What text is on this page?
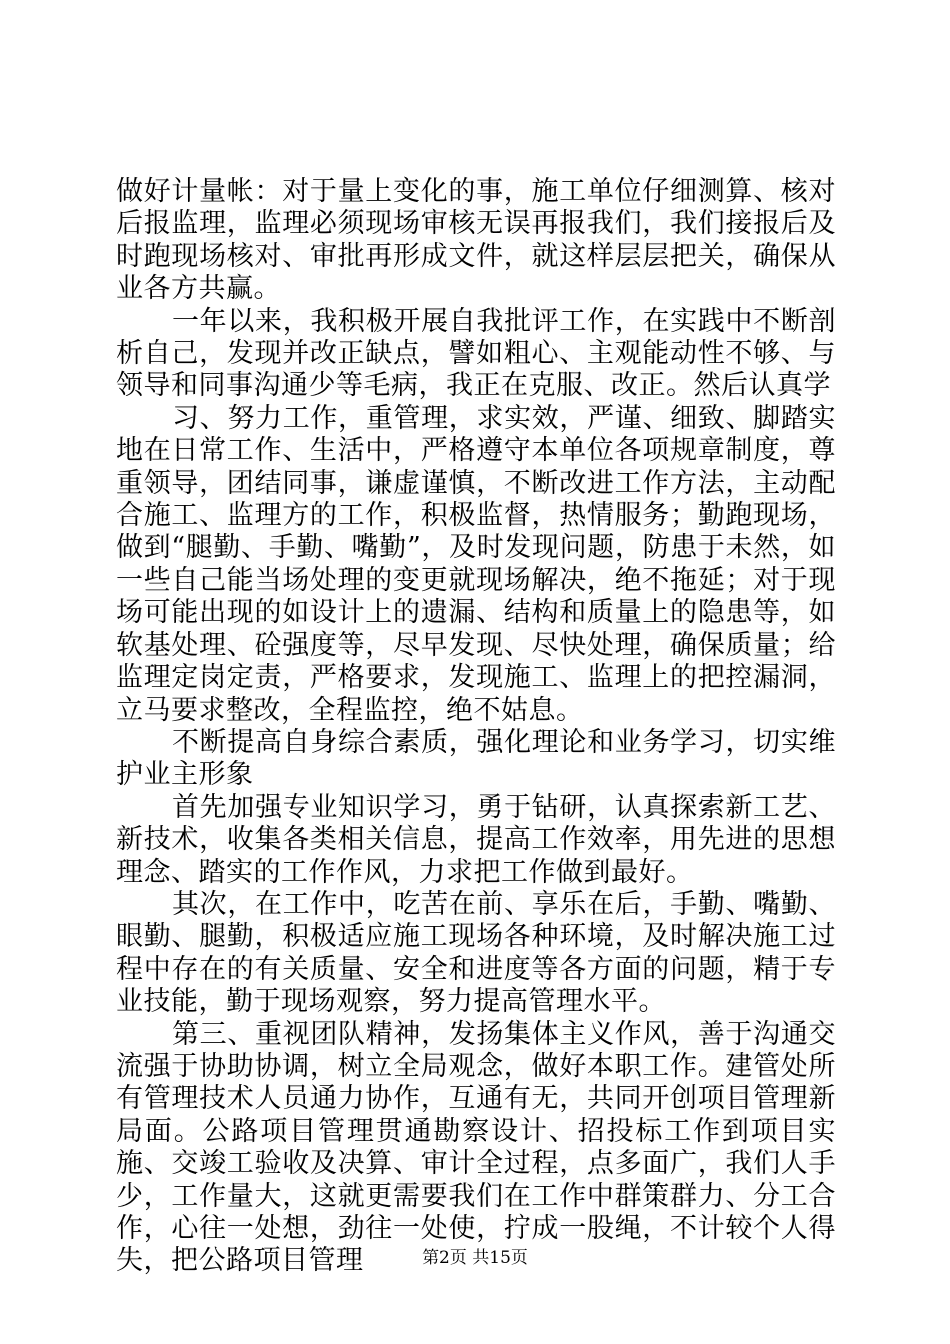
做好计量帐：对于量上变化的事，施工单位仔细测算、核对后报监理，监理必须现场审核无误再报我们，我们接报后及时跑现场核对、审批再形成文件，就这样层层把关，确保从业各方共赢。

一年以来，我积极开展自我批评工作，在实践中不断剖析自己，发现并改正缺点，譬如粗心、主观能动性不够、与领导和同事沟通少等毛病，我正在克服、改正。然后认真学

习、努力工作，重管理，求实效，严谨、细致、脚踏实地在日常工作、生活中，严格遵守本单位各项规章制度，尊重领导，团结同事，谦虚谨慎，不断改进工作方法，主动配合施工、监理方的工作，积极监督，热情服务；勤跑现场，做到“腿勤、手勤、嘴勤”，及时发现问题，防患于未然，如一些自己能当场处理的变更就现场解决，绝不拖延；对于现场可能出现的如设计上的遗漏、结构和质量上的隐患等，如软基处理、砼强度等，尽早发现、尽快处理，确保质量；给监理定岗定责，严格要求，发现施工、监理上的把控漏洞，立马要求整改，全程监控，绝不姑息。

不断提高自身综合素质，强化理论和业务学习，切实维护业主形象

首先加强专业知识学习，勇于钻研，认真探索新工艺、新技术，收集各类相关信息，提高工作效率，用先进的思想理念、踏实的工作作风，力求把工作做到最好。

其次，在工作中，吃苦在前、享乐在后，手勤、嘴勤、眼勤、腿勤，积极适应施工现场各种环境，及时解决施工过程中存在的有关质量、安全和进度等各方面的问题，精于专业技能，勤于现场观察，努力提高管理水平。

第三、重视团队精神，发扬集体主义作风，善于沟通交流强于协助协调，树立全局观念，做好本职工作。建管处所有管理技术人员通力协作，互通有无，共同开创项目管理新局面。公路项目管理贯通勘察设计、招投标工作到项目实施、交竣工验收及决算、审计全过程，点多面广，我们人手少，工作量大，这就更需要我们在工作中群策群力、分工合作，心往一处想，劲往一处使，拧成一股绳，不计较个人得失，把公路项目管理	第2页 共15页
